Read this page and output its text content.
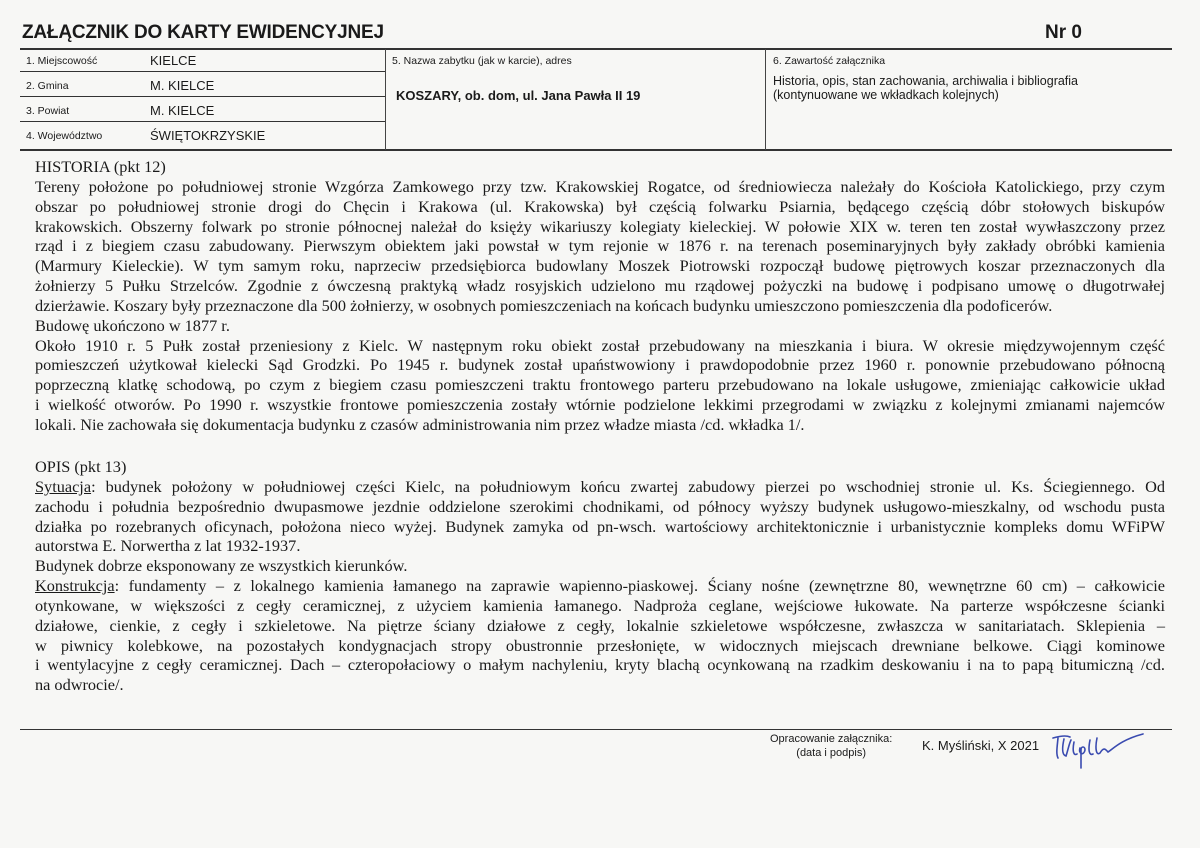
ZAŁĄCZNIK DO KARTY EWIDENCYJNEJ	Nr 0
1. Miejscowość	KIELCE
2. Gmina	M. KIELCE
3. Powiat	M. KIELCE
4. Województwo	ŚWIĘTOKRZYSKIE
5. Nazwa zabytku (jak w karcie), adres
KOSZARY, ob. dom, ul. Jana Pawła II 19
6. Zawartość załącznika
Historia, opis, stan zachowania, archiwalia i bibliografia
(kontynuowane we wkładkach kolejnych)
HISTORIA (pkt 12)
Tereny położone po południowej stronie Wzgórza Zamkowego przy tzw. Krakowskiej Rogatce, od średniowiecza należały do Kościoła Katolickiego, przy czym
obszar po południowej stronie drogi do Chęcin i Krakowa (ul. Krakowska) był częścią folwarku Psiarnia, będącego częścią dóbr stołowych biskupów
krakowskich. Obszerny folwark po stronie północnej należał do księży wikariuszy kolegiaty kieleckiej. W połowie XIX w. teren ten został wywłaszczony przez
rząd i z biegiem czasu zabudowany. Pierwszym obiektem jaki powstał w tym rejonie w 1876 r. na terenach poseminaryjnych były zakłady obróbki kamienia
(Marmury Kieleckie). W tym samym roku, naprzeciw przedsiębiorca budowlany Moszek Piotrowski rozpoczął budowę piętrowych koszar przeznaczonych dla
żołnierzy 5 Pułku Strzelców. Zgodnie z ówczesną praktyką władz rosyjskich udzielono mu rządowej pożyczki na budowę i podpisano umowę o długotrwałej
dzierżawie. Koszary były przeznaczone dla 500 żołnierzy, w osobnych pomieszczeniach na końcach budynku umieszczono pomieszczenia dla podoficerów.
Budowę ukończono w 1877 r.
Około 1910 r. 5 Pułk został przeniesiony z Kielc. W następnym roku obiekt został przebudowany na mieszkania i biura. W okresie międzywojennym część
pomieszczeń użytkował kielecki Sąd Grodzki. Po 1945 r. budynek został upaństwowiony i prawdopodobnie przez 1960 r. ponownie przebudowano północną
poprzeczną klatkę schodową, po czym z biegiem czasu pomieszczeni traktu frontowego parteru przebudowano na lokale usługowe, zmieniając całkowicie układ
i wielkość otworów. Po 1990 r. wszystkie frontowe pomieszczenia zostały wtórnie podzielone lekkimi przegrodami w związku z kolejnymi zmianami najemców
lokali. Nie zachowała się dokumentacja budynku z czasów administrowania nim przez władze miasta /cd. wkładka 1/.
OPIS (pkt 13)
Sytuacja: budynek położony w południowej części Kielc, na południowym końcu zwartej zabudowy pierzei po wschodniej stronie ul. Ks. Ściegiennego. Od
zachodu i południa bezpośrednio dwupasmowe jezdnie oddzielone szerokimi chodnikami, od północy wyższy budynek usługowo-mieszkalny, od wschodu pusta
działka po rozebranych oficynach, położona nieco wyżej. Budynek zamyka od pn-wsch. wartościowy architektonicznie i urbanistycznie kompleks domu WFiPW
autorstwa E. Norwertha z lat 1932-1937.
Budynek dobrze eksponowany ze wszystkich kierunków.
Konstrukcja: fundamenty – z lokalnego kamienia łamanego na zaprawie wapienno-piaskowej. Ściany nośne (zewnętrzne 80, wewnętrzne 60 cm) – całkowicie
otynkowane, w większości z cegły ceramicznej, z użyciem kamienia łamanego. Nadproża ceglane, wejściowe łukowate. Na parterze współczesne ścianki
działowe, cienkie, z cegły i szkieletowe. Na piętrze ściany działowe z cegły, lokalnie szkieletowe współczesne, zwłaszcza w sanitariatach. Sklepienia –
w piwnicy kolebkowe, na pozostałych kondygnacjach stropy obustronnie przesłonięte, w widocznych miejscach drewniane belkowe. Ciągi kominowe
i wentylacyjne z cegły ceramicznej. Dach – czteropołaciowy o małym nachyleniu, kryty blachą ocynkowaną na rzadkim deskowaniu i na to papą bitumiczną /cd.
na odwrocie/.
Opracowanie załącznika:
(data i podpis)	K. Myśliński, X 2021
